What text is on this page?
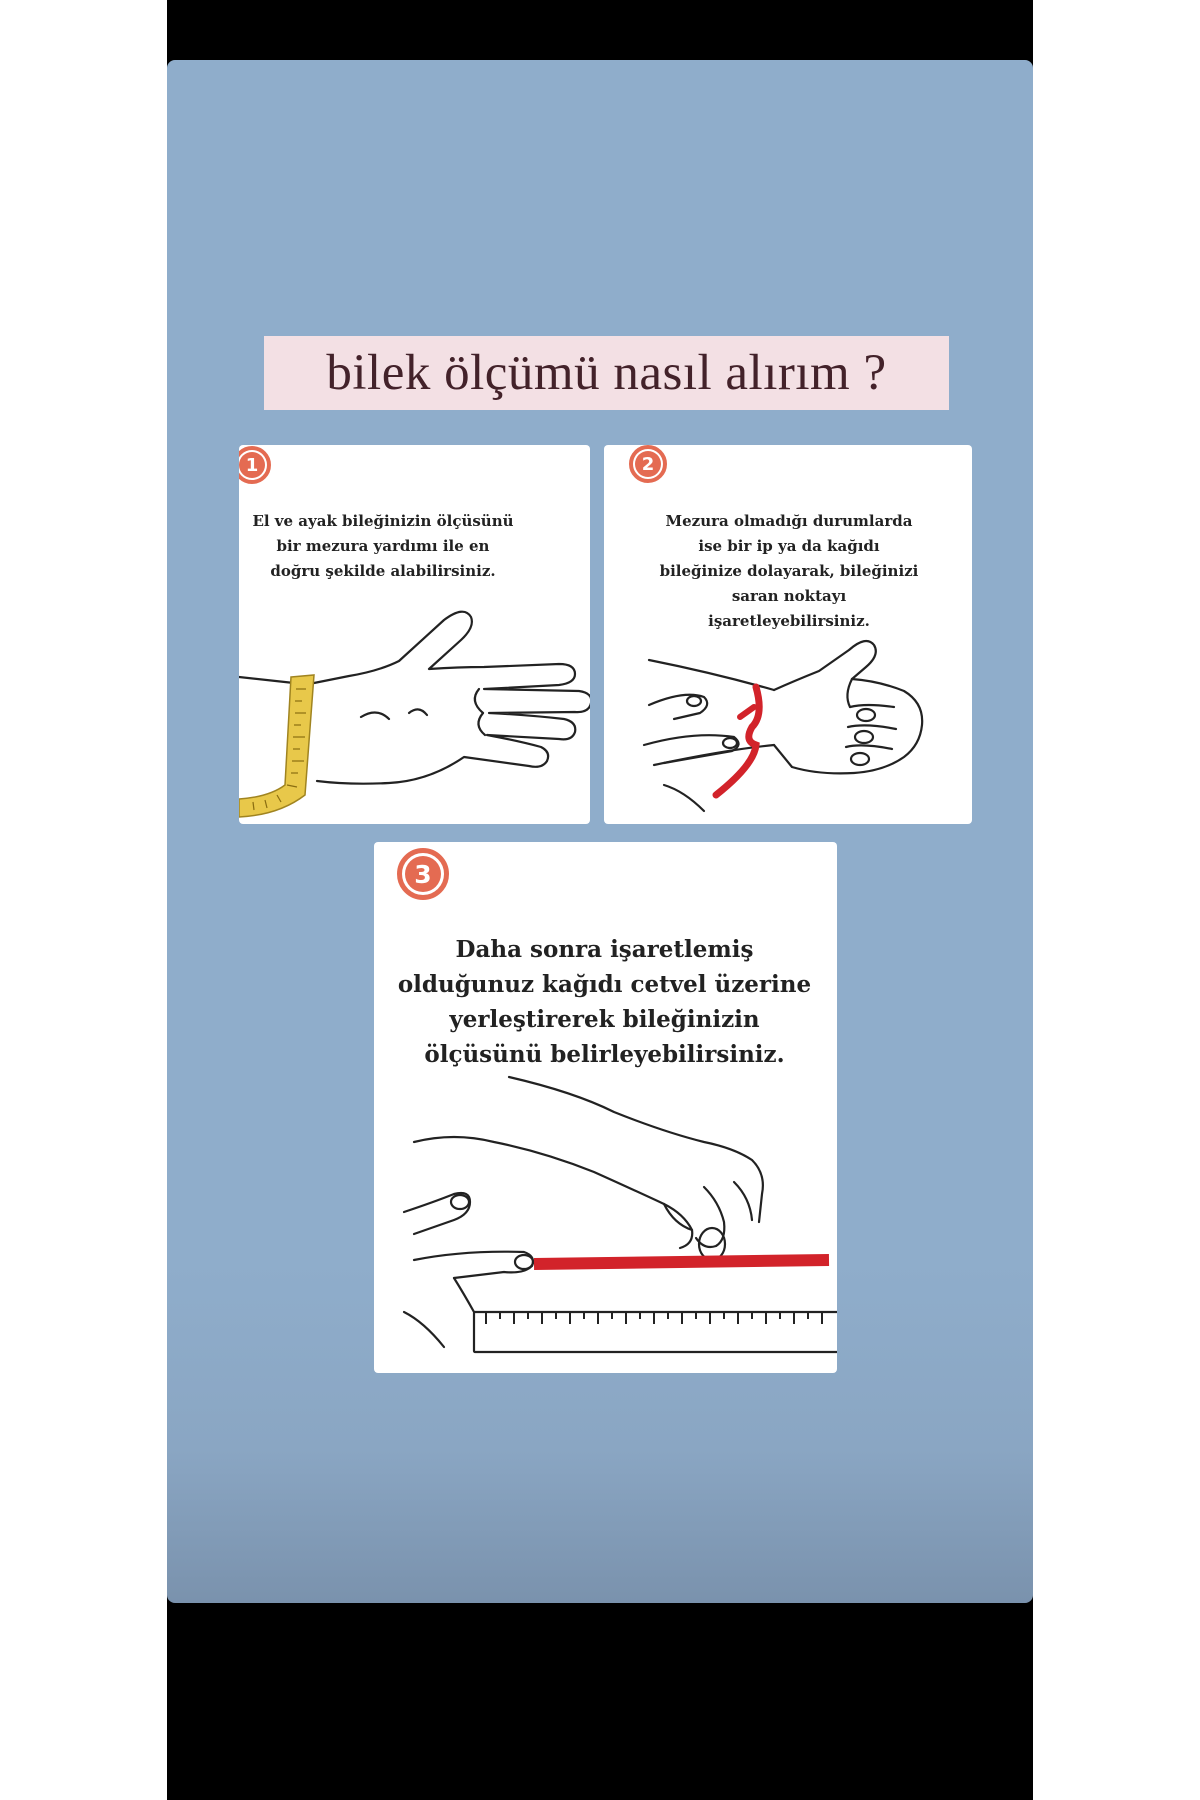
bilek ölçümü nasıl alırım ?
1
El ve ayak bileğinizin ölçüsünü
bir mezura yardımı ile en
doğru şekilde alabilirsiniz.
2
Mezura olmadığı durumlarda
ise bir ip ya da kağıdı
bileğinize dolayarak, bileğinizi
saran noktayı
işaretleyebilirsiniz.
3
Daha sonra işaretlemiş
olduğunuz kağıdı cetvel üzerine
yerleştirerek bileğinizin
ölçüsünü belirleyebilirsiniz.
